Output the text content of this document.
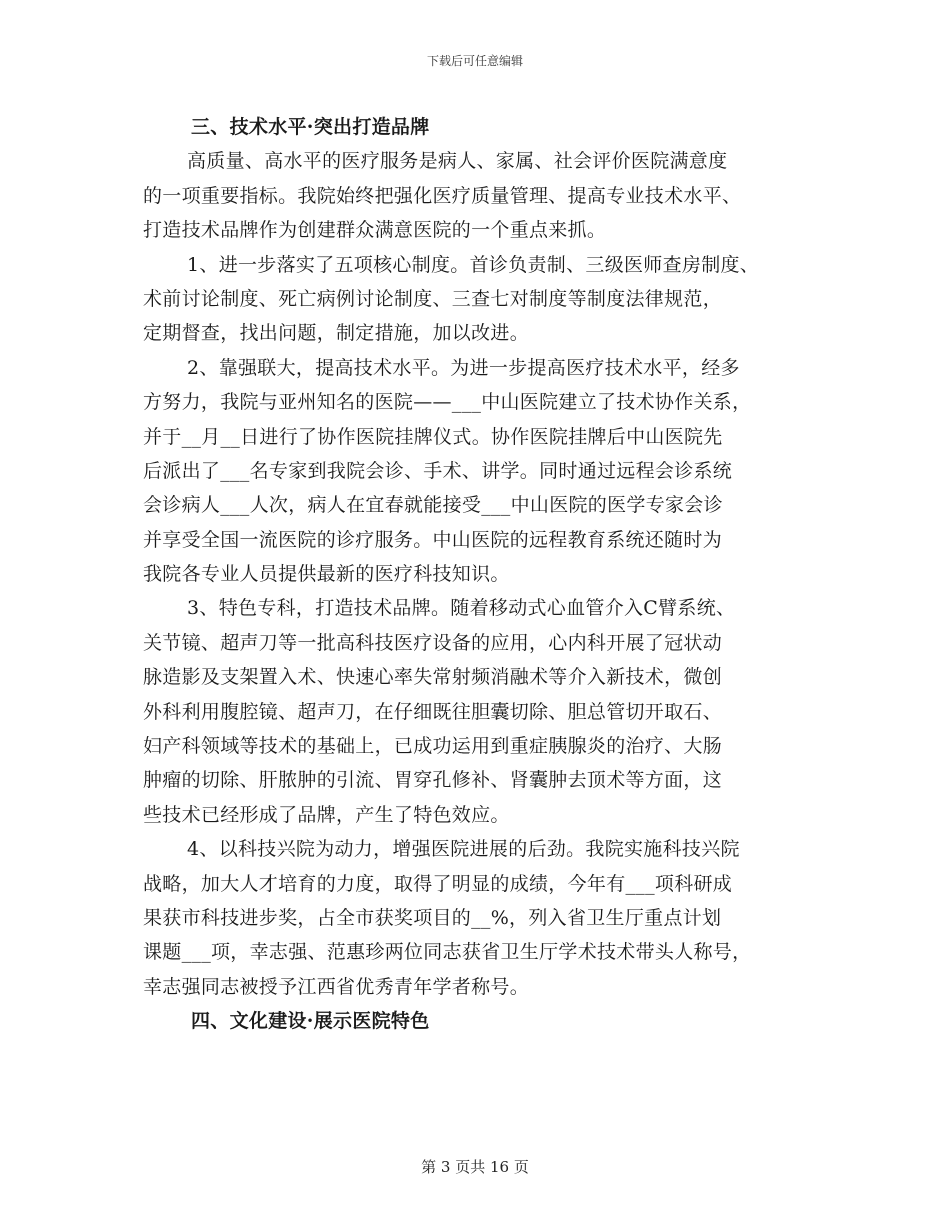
下载后可任意编辑
三、技术水平·突出打造品牌
高质量、高水平的医疗服务是病人、家属、社会评价医院满意度
的一项重要指标。我院始终把强化医疗质量管理、提高专业技术水平、
打造技术品牌作为创建群众满意医院的一个重点来抓。
1、进一步落实了五项核心制度。首诊负责制、三级医师查房制度、
术前讨论制度、死亡病例讨论制度、三查七对制度等制度法律规范，
定期督查，找出问题，制定措施，加以改进。
2、靠强联大，提高技术水平。为进一步提高医疗技术水平，经多
方努力，我院与亚州知名的医院——___中山医院建立了技术协作关系，
并于__月__日进行了协作医院挂牌仪式。协作医院挂牌后中山医院先
后派出了___名专家到我院会诊、手术、讲学。同时通过远程会诊系统
会诊病人___人次，病人在宜春就能接受___中山医院的医学专家会诊
并享受全国一流医院的诊疗服务。中山医院的远程教育系统还随时为
我院各专业人员提供最新的医疗科技知识。
3、特色专科，打造技术品牌。随着移动式心血管介入C臂系统、
关节镜、超声刀等一批高科技医疗设备的应用，心内科开展了冠状动
脉造影及支架置入术、快速心率失常射频消融术等介入新技术，微创
外科利用腹腔镜、超声刀，在仔细既往胆囊切除、胆总管切开取石、
妇产科领域等技术的基础上，已成功运用到重症胰腺炎的治疗、大肠
肿瘤的切除、肝脓肿的引流、胃穿孔修补、肾囊肿去顶术等方面，这
些技术已经形成了品牌，产生了特色效应。
4、以科技兴院为动力，增强医院进展的后劲。我院实施科技兴院
战略，加大人才培育的力度，取得了明显的成绩，今年有___项科研成
果获市科技进步奖，占全市获奖项目的__%，列入省卫生厅重点计划
课题___项，幸志强、范惠珍两位同志获省卫生厅学术技术带头人称号，
幸志强同志被授予江西省优秀青年学者称号。
四、文化建设·展示医院特色
第 3 页共 16 页
